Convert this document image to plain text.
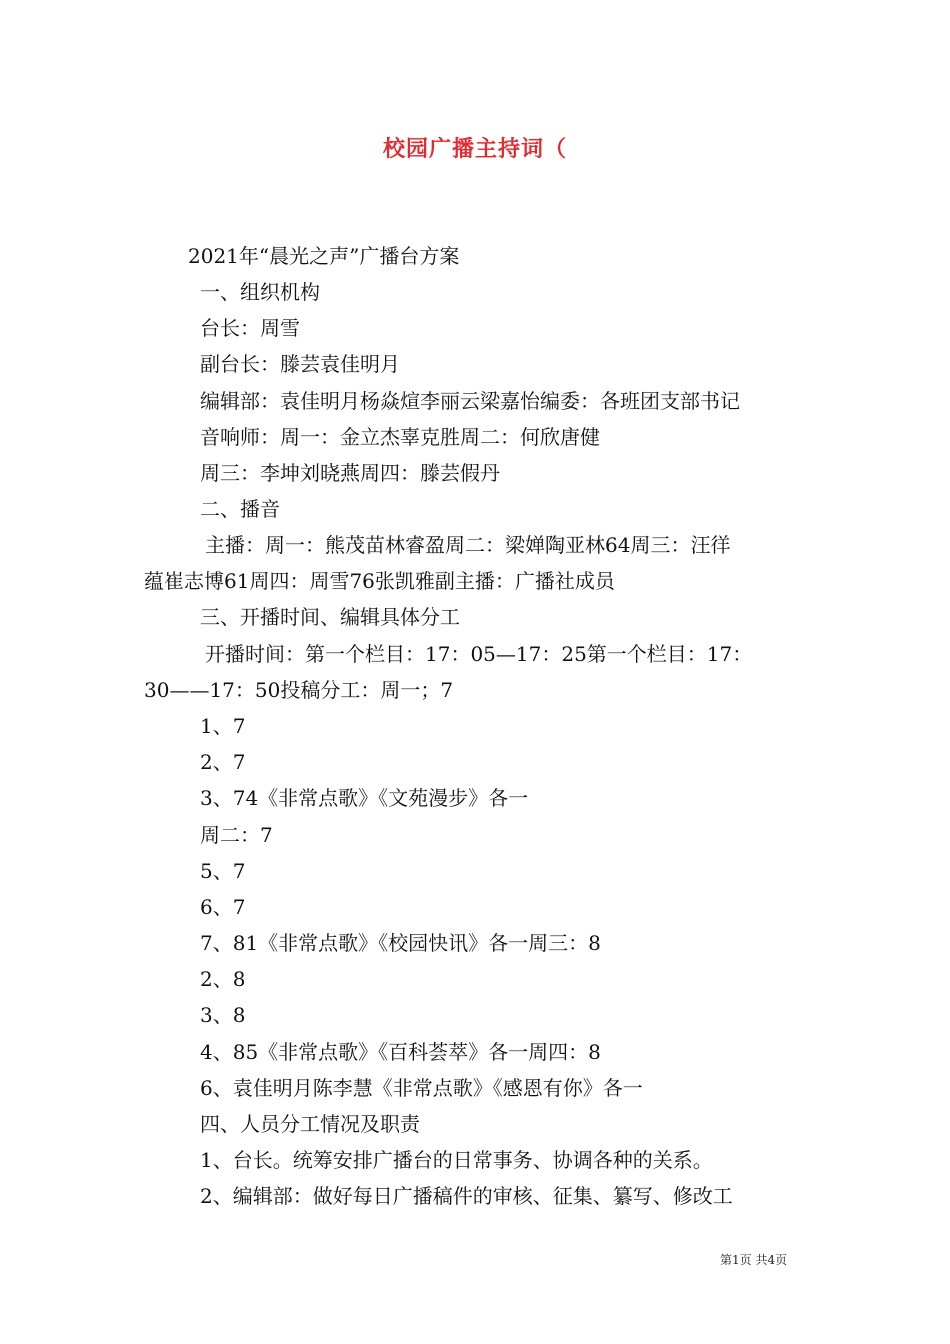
校园广播主持词（
2021年“晨光之声”广播台方案
一、组织机构
台长：周雪
副台长：滕芸袁佳明月
编辑部：袁佳明月杨焱煊李丽云梁嘉怡编委：各班团支部书记
音响师：周一：金立杰辜克胜周二：何欣唐健
周三：李坤刘晓燕周四：滕芸假丹
二、播音
主播：周一：熊茂苗林睿盈周二：梁婵陶亚林64周三：汪徉
蕴崔志博61周四：周雪76张凯雅副主播：广播社成员
三、开播时间、编辑具体分工
开播时间：第一个栏目：17：05—17：25第一个栏目：17：
30——17：50投稿分工：周一；7
1、7
2、7
3、74《非常点歌》《文苑漫步》各一
周二：7
5、7
6、7
7、81《非常点歌》《校园快讯》各一周三：8
2、8
3、8
4、85《非常点歌》《百科荟萃》各一周四：8
6、袁佳明月陈李慧《非常点歌》《感恩有你》各一
四、人员分工情况及职责
1、台长。统筹安排广播台的日常事务、协调各种的关系。
2、编辑部：做好每日广播稿件的审核、征集、纂写、修改工
第1页 共4页
